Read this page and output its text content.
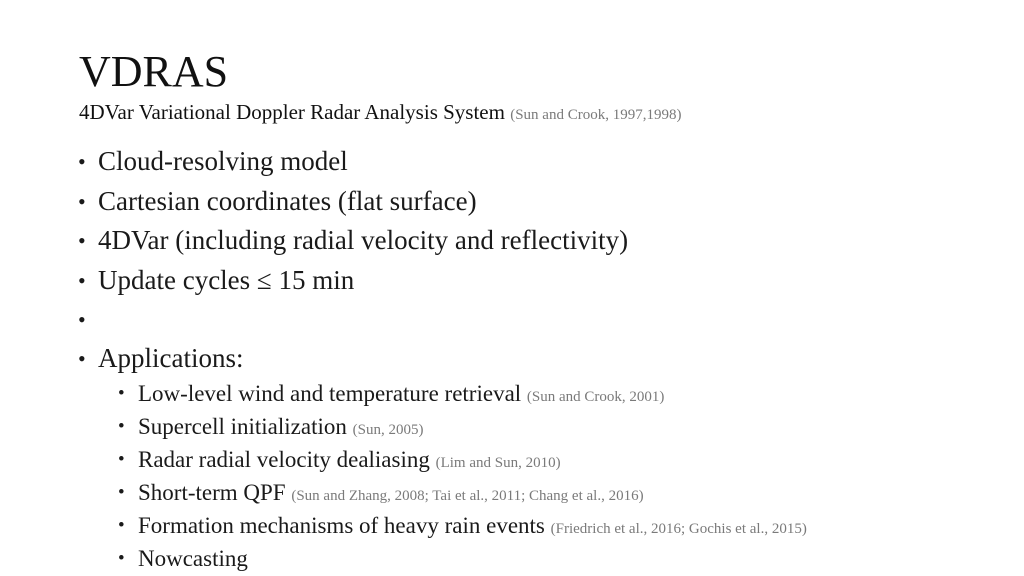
VDRAS
4DVar Variational Doppler Radar Analysis System (Sun and Crook, 1997,1998)
• Cloud-resolving model
• Cartesian coordinates (flat surface)
• 4DVar (including radial velocity and reflectivity)
• Update cycles ≤ 15 min
•
• Applications:
• Low-level wind and temperature retrieval (Sun and Crook, 2001)
• Supercell initialization (Sun, 2005)
• Radar radial velocity dealiasing (Lim and Sun, 2010)
• Short-term QPF (Sun and Zhang, 2008; Tai et al., 2011; Chang et al., 2016)
• Formation mechanisms of heavy rain events (Friedrich et al., 2016; Gochis et al., 2015)
• Nowcasting
